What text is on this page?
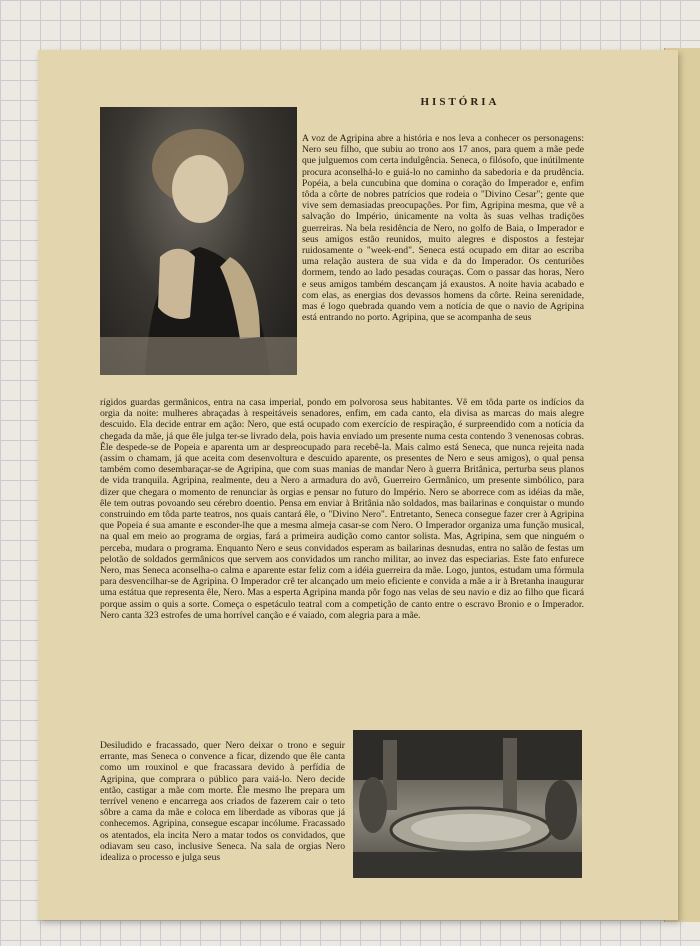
HISTÓRIA

A voz de Agripina abre a história e nos leva a conhecer os personagens: Nero seu filho, que subiu ao trono aos 17 anos, para quem a mãe pede que julguemos com certa indulgência. Seneca, o filósofo, que inútilmente procura aconselhá-lo e guiá-lo no caminho da sabedoria e da prudência. Popéia, a bela cuncubina que domina o coração do Imperador e, enfim tôda a côrte de nobres patrícios que rodeia o "Divino Cesar"; gente que vive sem demasiadas preocupações. Por fim, Agripina mesma, que vê a salvação do Império, únicamente na volta às suas velhas tradições guerreiras. Na bela residência de Nero, no golfo de Baia, o Imperador e seus amigos estão reunidos, muito alegres e dispostos a festejar ruidosamente o "week-end". Seneca está ocupado em ditar ao escriba uma relação austera de sua vida e da do Imperador. Os centuriões dormem, tendo ao lado pesadas couraças. Com o passar das horas, Nero e seus amigos também descançam já exaustos. A noite havia acabado e com elas, as energias dos devassos homens da côrte. Reina serenidade, mas é logo quebrada quando vem a notícia de que o navio de Agripina está entrando no porto. Agripina, que se acompanha de seus

rígidos guardas germânicos, entra na casa imperial, pondo em polvorosa seus habitantes. Vê em tôda parte os indícios da orgia da noite: mulheres abraçadas à respeitáveis senadores, enfim, em cada canto, ela divisa as marcas do mais alegre descuido. Ela decide entrar em ação: Nero, que está ocupado com exercício de respiração, é surpreendido com a notícia da chegada da mãe, já que êle julga ter-se livrado dela, pois havia enviado um presente numa cesta contendo 3 venenosas cobras. Êle despede-se de Popeia e aparenta um ar despreocupado para recebê-la. Mais calmo está Seneca, que nunca rejeita nada (assim o chamam, já que aceita com desenvoltura e descuido aparente, os presentes de Nero e seus amigos), o qual pensa também como desembaraçar-se de Agripina, que com suas manias de mandar Nero à guerra Britânica, perturba seus planos de vida tranquila. Agripina, realmente, deu a Nero a armadura do avô, Guerreiro Germânico, um presente simbólico, para dizer que chegara o momento de renunciar às orgias e pensar no futuro do Império. Nero se aborrece com as idéias da mãe, êle tem outras povoando seu cérebro doentio. Pensa em enviar à Britânia não soldados, mas bailarinas e conquistar o mundo construindo em tôda parte teatros, nos quais cantará êle, o "Divino Nero". Entretanto, Seneca consegue fazer crer à Agripina que Popeia é sua amante e esconder-lhe que a mesma almeja casar-se com Nero. O Imperador organiza uma função musical, na qual em meio ao programa de orgias, fará a primeira audição como cantor solista. Mas, Agripina, sem que ninguém o perceba, mudara o programa. Enquanto Nero e seus convidados esperam as bailarinas desnudas, entra no salão de festas um pelotão de soldados germânicos que servem aos convidados um rancho militar, ao invez das especiarias. Este fato enfurece Nero, mas Seneca aconselha-o calma e aparente estar feliz com a idéia guerreira da mãe. Logo, juntos, estudam uma fórmula para desvencilhar-se de Agripina. O Imperador crê ter alcançado um meio eficiente e convida a mãe a ir à Bretanha inaugurar uma estátua que representa êle, Nero. Mas a esperta Agripina manda pôr fogo nas velas de seu navio e diz ao filho que ficará porque assim o quis a sorte. Começa o espetáculo teatral com a competição de canto entre o escravo Bronio e o Imperador. Nero canta 323 estrofes de uma horrível canção e é vaiado, com alegria para a mãe.

Desiludido e fracassado, quer Nero deixar o trono e seguir errante, mas Seneca o convence a ficar, dizendo que êle canta como um rouxinol e que fracassara devido à perfídia de Agripina, que comprara o público para vaiá-lo. Nero decide então, castigar a mãe com morte. Êle mesmo lhe prepara um terrível veneno e encarrega aos criados de fazerem cair o teto sôbre a cama da mãe e coloca em liberdade as víboras que já conhecemos. Agripina, consegue escapar incólume. Fracassado os atentados, ela incita Nero a matar todos os convidados, que odiavam seu caso, inclusive Seneca. Na sala de orgias Nero idealiza o processo e julga seus
